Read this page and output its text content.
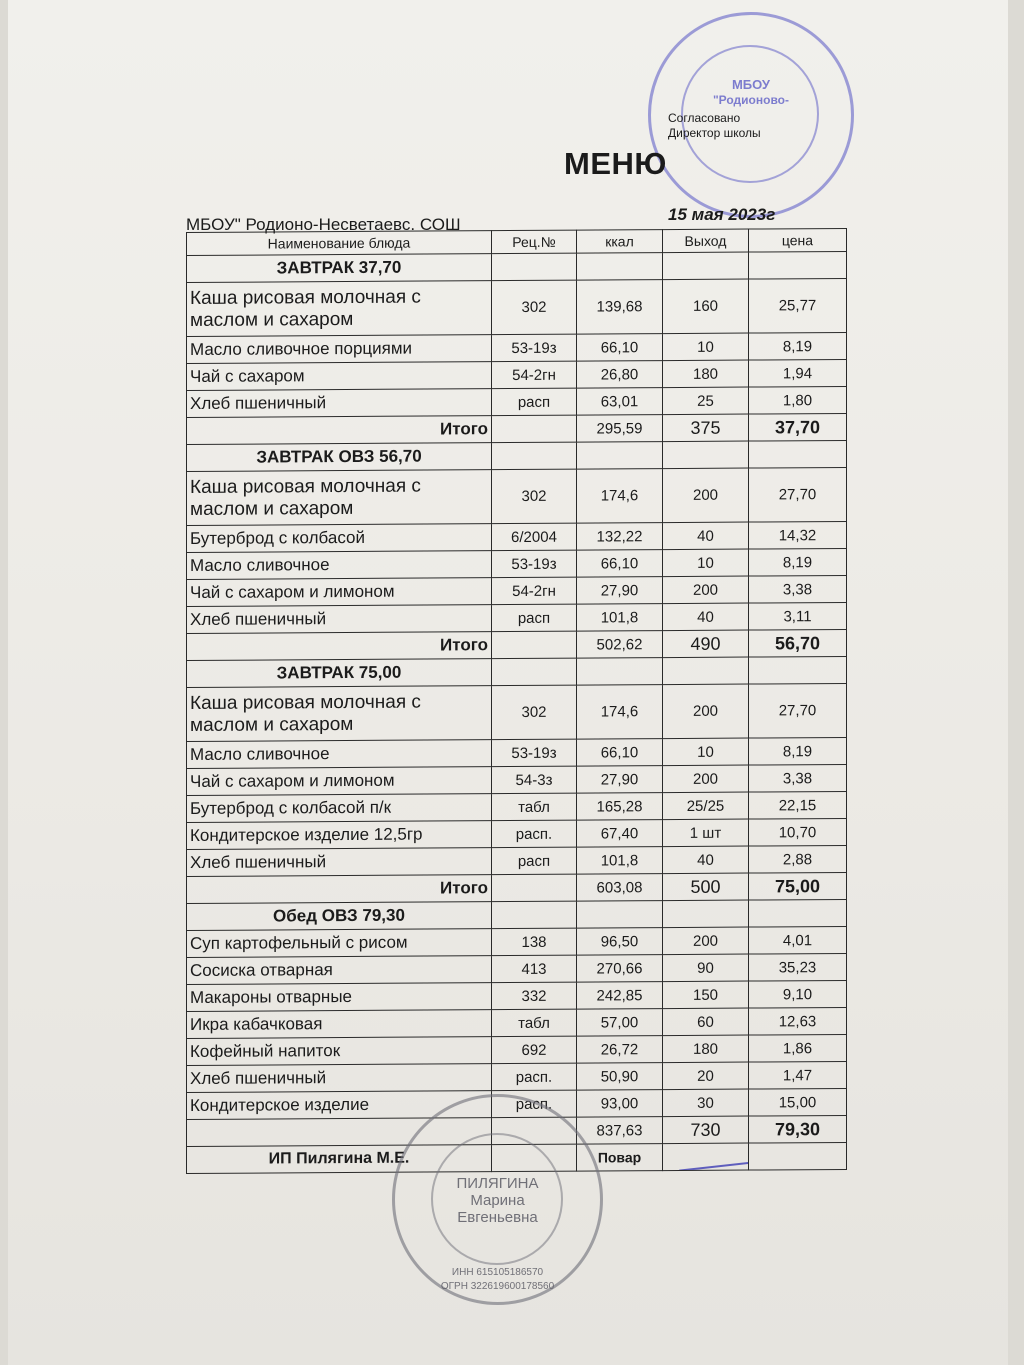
МБОУ
"Родионово-
Согласовано
Директор школы
МЕНЮ
МБОУ" Родионо-Несветаевс. СОШ
15 мая 2023г
Наименование блюда	Рец.№	ккал	Выход	цена
ЗАВТРАК 37,70				
Каша рисовая молочная с маслом и сахаром	302	139,68	160	25,77
Масло сливочное порциями	53-19з	66,10	10	8,19
Чай с сахаром	54-2гн	26,80	180	1,94
Хлеб пшеничный	расп	63,01	25	1,80
Итого		295,59	375	37,70
ЗАВТРАК ОВЗ 56,70				
Каша рисовая молочная с маслом и сахаром	302	174,6	200	27,70
Бутерброд с колбасой	6/2004	132,22	40	14,32
Масло сливочное	53-19з	66,10	10	8,19
Чай с сахаром и лимоном	54-2гн	27,90	200	3,38
Хлеб пшеничный	расп	101,8	40	3,11
Итого		502,62	490	56,70
ЗАВТРАК 75,00				
Каша рисовая молочная с маслом и сахаром	302	174,6	200	27,70
Масло сливочное	53-19з	66,10	10	8,19
Чай с сахаром и лимоном	54-3з	27,90	200	3,38
Бутерброд с колбасой п/к	табл	165,28	25/25	22,15
Кондитерское изделие 12,5гр	расп.	67,40	1 шт	10,70
Хлеб пшеничный	расп	101,8	40	2,88
Итого		603,08	500	75,00
Обед ОВЗ 79,30				
Суп картофельный с рисом	138	96,50	200	4,01
Сосиска отварная	413	270,66	90	35,23
Макароны отварные	332	242,85	150	9,10
Икра кабачковая	табл	57,00	60	12,63
Кофейный напиток	692	26,72	180	1,86
Хлеб пшеничный	расп.	50,90	20	1,47
Кондитерское изделие	расп.	93,00	30	15,00
		837,63	730	79,30
ИП Пилягина М.Е.		Повар		
ПИЛЯГИНА
Марина
Евгеньевна
ИНН 615105186570
ОГРН 322619600178560
